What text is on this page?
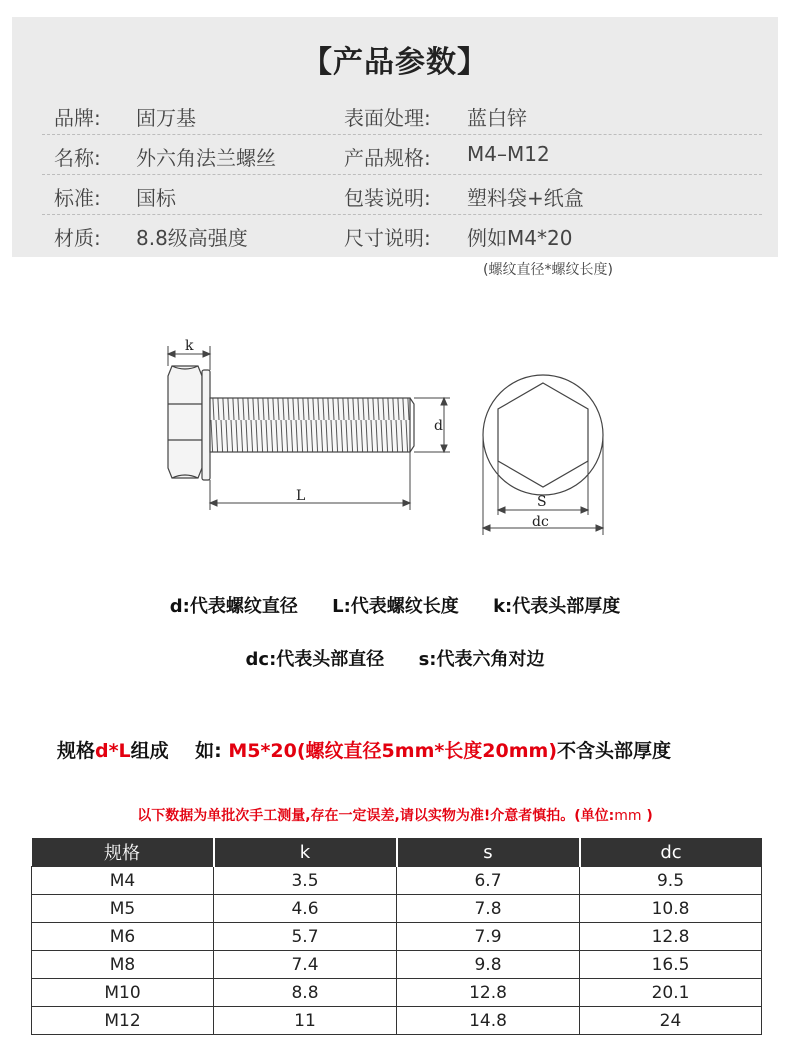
【产品参数】
品牌: 固万基	表面处理: 蓝白锌
名称: 外六角法兰螺丝	产品规格: M4–M12
标准: 国标	包装说明: 塑料袋+纸盒
材质: 8.8级高强度	尺寸说明: 例如M4*20
(螺纹直径*螺纹长度)
k
d
L	S
dc
d:代表螺纹直径 L:代表螺纹长度 k:代表头部厚度
dc:代表头部直径 s:代表六角对边
规格d*L组成    如: M5*20(螺纹直径5mm*长度20mm)不含头部厚度
以下数据为单批次手工测量,存在一定误差,请以实物为准!介意者慎拍。(单位:mm )
规格	k	s	dc
M4	3.5	6.7	9.5
M5	4.6	7.8	10.8
M6	5.7	7.9	12.8
M8	7.4	9.8	16.5
M10	8.8	12.8	20.1
M12	11	14.8	24
